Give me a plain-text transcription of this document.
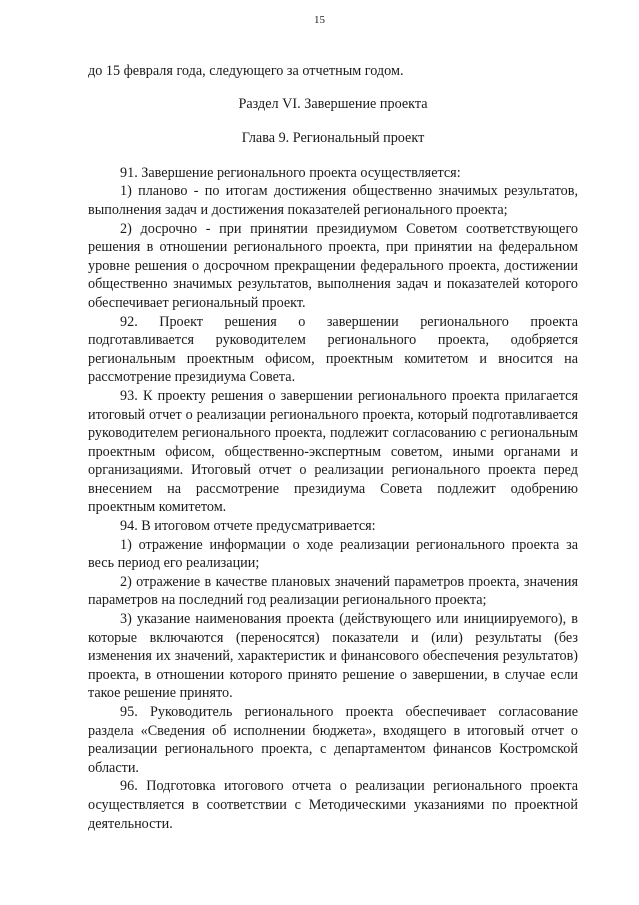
15

до 15 февраля года, следующего за отчетным годом.

Раздел VI. Завершение проекта

Глава 9. Региональный проект

91. Завершение регионального проекта осуществляется:

1) планово - по итогам достижения общественно значимых результатов, выполнения задач и достижения показателей регионального проекта;

2) досрочно - при принятии президиумом Советом соответствующего решения в отношении регионального проекта, при принятии на федеральном уровне решения о досрочном прекращении федерального проекта, достижении общественно значимых результатов, выполнения задач и показателей которого обеспечивает региональный проект.

92. Проект решения о завершении регионального проекта подготавливается руководителем регионального проекта, одобряется региональным проектным офисом, проектным комитетом и вносится на рассмотрение президиума Совета.

93. К проекту решения о завершении регионального проекта прилагается итоговый отчет о реализации регионального проекта, который подготавливается руководителем регионального проекта, подлежит согласованию с региональным проектным офисом, общественно-экспертным советом, иными органами и организациями. Итоговый отчет о реализации регионального проекта перед внесением на рассмотрение президиума Совета подлежит одобрению проектным комитетом.

94. В итоговом отчете предусматривается:

1) отражение информации о ходе реализации регионального проекта за весь период его реализации;

2) отражение в качестве плановых значений параметров проекта, значения параметров на последний год реализации регионального проекта;

3) указание наименования проекта (действующего или инициируемого), в которые включаются (переносятся) показатели и (или) результаты (без изменения их значений, характеристик и финансового обеспечения результатов) проекта, в отношении которого принято решение о завершении, в случае если такое решение принято.

95. Руководитель регионального проекта обеспечивает согласование раздела «Сведения об исполнении бюджета», входящего в итоговый отчет о реализации регионального проекта, с департаментом финансов Костромской области.

96. Подготовка итогового отчета о реализации регионального проекта осуществляется в соответствии с Методическими указаниями по проектной деятельности.
